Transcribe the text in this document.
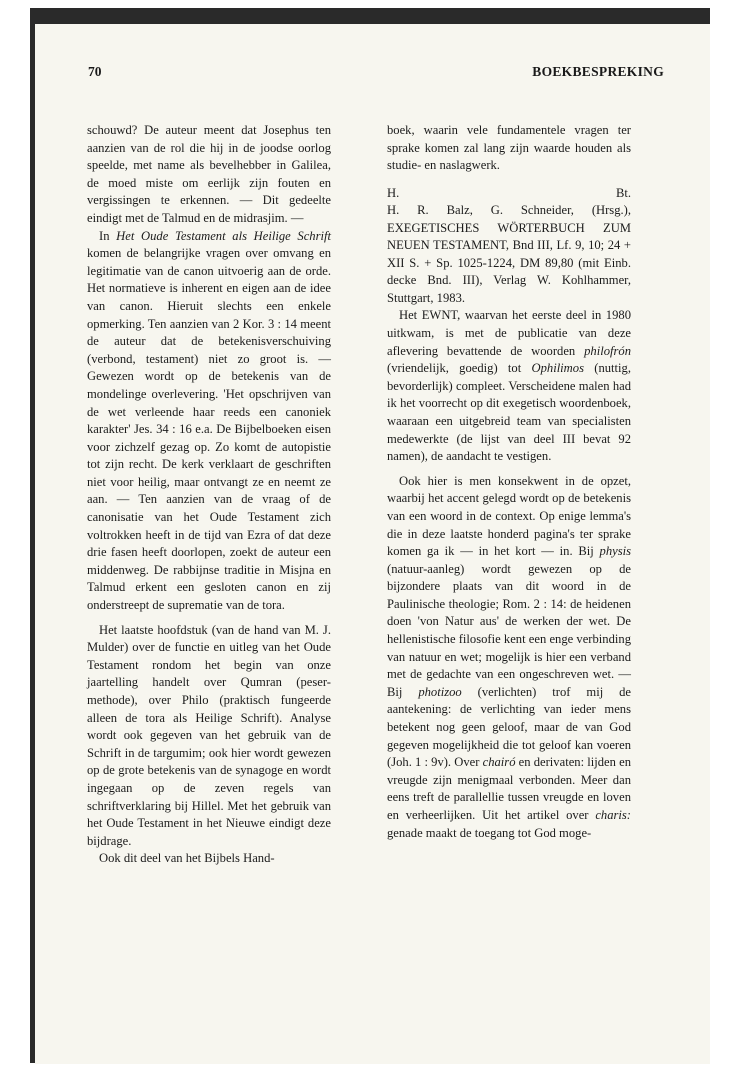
70	BOEKBESPREKING

schouwd? De auteur meent dat Josephus ten aanzien van de rol die hij in de joodse oorlog speelde, met name als bevelhebber in Galilea, de moed miste om eerlijk zijn fouten en vergissingen te erkennen. — Dit gedeelte eindigt met de Talmud en de midrasjim. —

In Het Oude Testament als Heilige Schrift komen de belangrijke vragen over omvang en legitimatie van de canon uitvoerig aan de orde. Het normatieve is inherent en eigen aan de idee van canon. Hieruit slechts een enkele opmerking. Ten aanzien van 2 Kor. 3 : 14 meent de auteur dat de betekenisverschuiving (verbond, testament) niet zo groot is. — Gewezen wordt op de betekenis van de mondelinge overlevering. 'Het opschrijven van de wet verleende haar reeds een canoniek karakter' Jes. 34 : 16 e.a. De Bijbelboeken eisen voor zichzelf gezag op. Zo komt de autopistie tot zijn recht. De kerk verklaart de geschriften niet voor heilig, maar ontvangt ze en neemt ze aan. — Ten aanzien van de vraag of de canonisatie van het Oude Testament zich voltrokken heeft in de tijd van Ezra of dat deze drie fasen heeft doorlopen, zoekt de auteur een middenweg. De rabbijnse traditie in Misjna en Talmud erkent een gesloten canon en zij onderstreept de suprematie van de tora.

Het laatste hoofdstuk (van de hand van M. J. Mulder) over de functie en uitleg van het Oude Testament rondom het begin van onze jaartelling handelt over Qumran (peser-methode), over Philo (praktisch fungeerde alleen de tora als Heilige Schrift). Analyse wordt ook gegeven van het gebruik van de Schrift in de targumim; ook hier wordt gewezen op de grote betekenis van de synagoge en wordt ingegaan op de zeven regels van schriftverklaring bij Hillel. Met het gebruik van het Oude Testament in het Nieuwe eindigt deze bijdrage.

Ook dit deel van het Bijbels Hand-

boek, waarin vele fundamentele vragen ter sprake komen zal lang zijn waarde houden als studie- en naslagwerk.

H.	Bt.

H. R. Balz, G. Schneider, (Hrsg.), EXEGETISCHES WÖRTERBUCH ZUM NEUEN TESTAMENT, Bnd III, Lf. 9, 10; 24 + XII S. + Sp. 1025-1224, DM 89,80 (mit Einb. decke Bnd. III), Verlag W. Kohlhammer, Stuttgart, 1983.

Het EWNT, waarvan het eerste deel in 1980 uitkwam, is met de publicatie van deze aflevering bevattende de woorden philofrón (vriendelijk, goedig) tot Ophilimos (nuttig, bevorderlijk) compleet. Verscheidene malen had ik het voorrecht op dit exegetisch woordenboek, waaraan een uitgebreid team van specialisten medewerkte (de lijst van deel III bevat 92 namen), de aandacht te vestigen.

Ook hier is men konsekwent in de opzet, waarbij het accent gelegd wordt op de betekenis van een woord in de context. Op enige lemma's die in deze laatste honderd pagina's ter sprake komen ga ik — in het kort — in. Bij physis (natuur-aanleg) wordt gewezen op de bijzondere plaats van dit woord in de Paulinische theologie; Rom. 2 : 14: de heidenen doen 'von Natur aus' de werken der wet. De hellenistische filosofie kent een enge verbinding van natuur en wet; mogelijk is hier een verband met de gedachte van een ongeschreven wet. — Bij photizoo (verlichten) trof mij de aantekening: de verlichting van ieder mens betekent nog geen geloof, maar de van God gegeven mogelijkheid die tot geloof kan voeren (Joh. 1 : 9v). Over chairó en derivaten: lijden en vreugde zijn menigmaal verbonden. Meer dan eens treft de parallellie tussen vreugde en loven en verheerlijken. Uit het artikel over charis: genade maakt de toegang tot God moge-
